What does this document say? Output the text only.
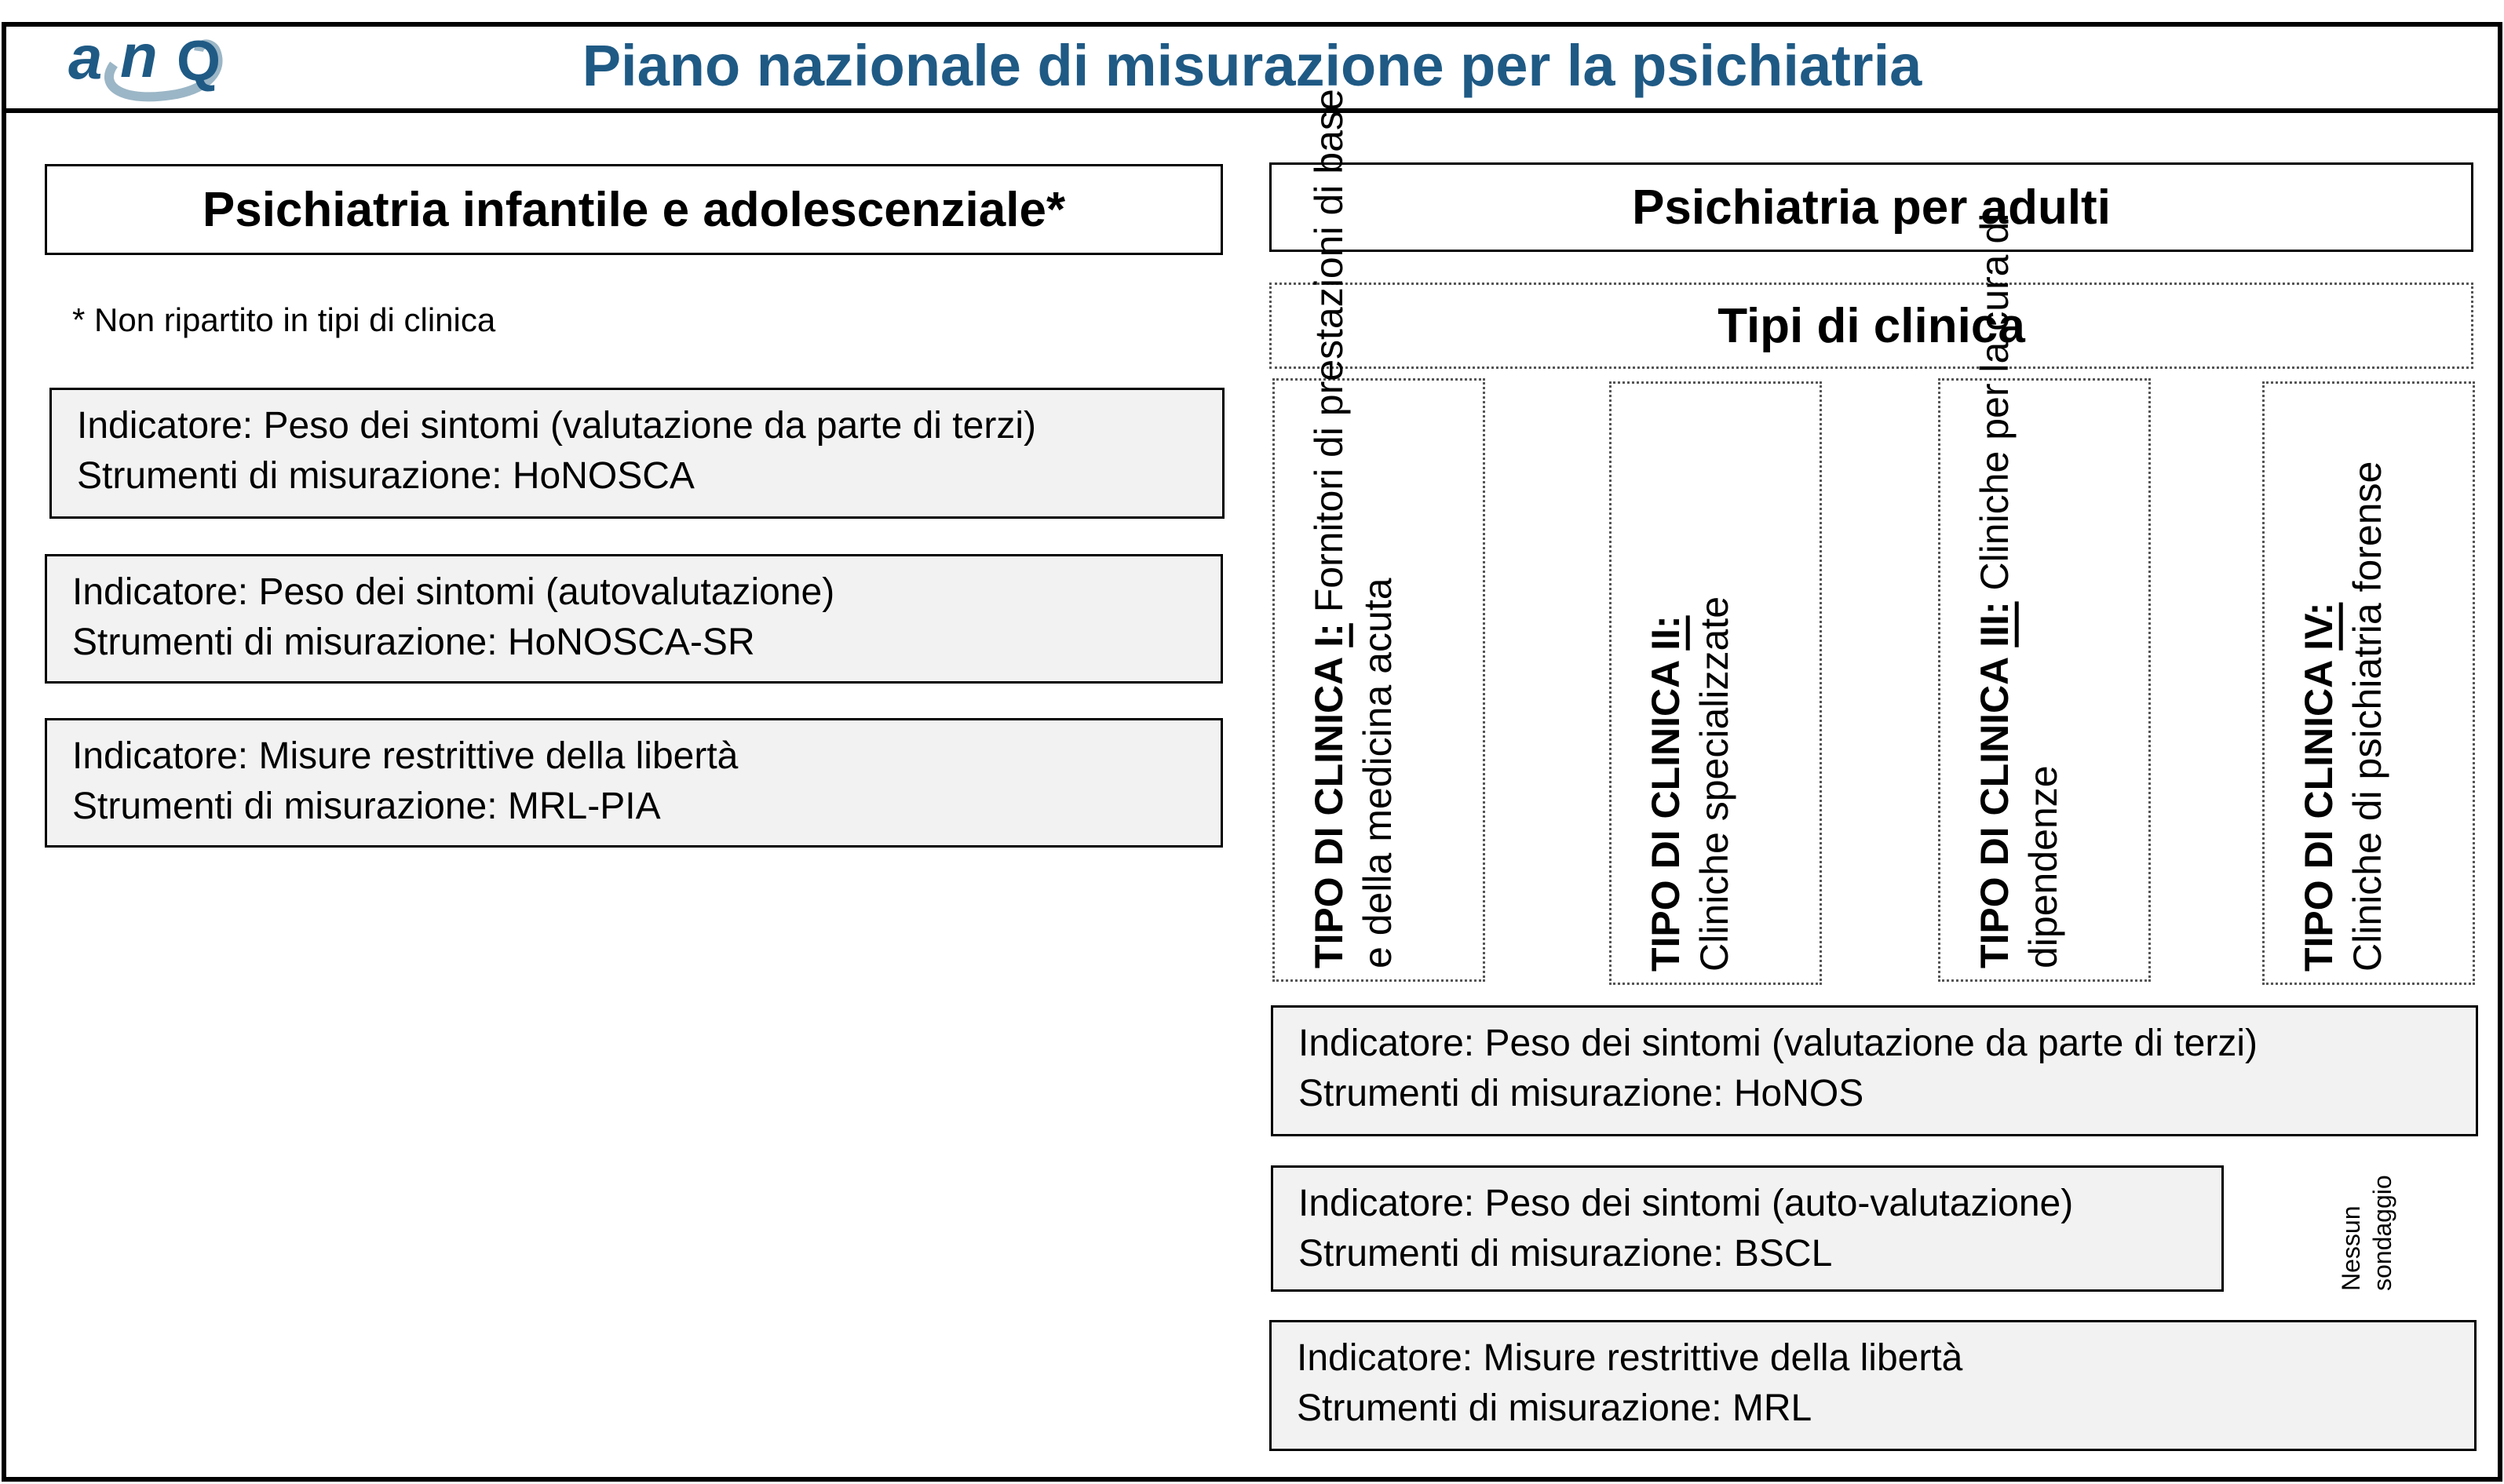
a n Q	Piano nazionale di misurazione per la psichiatria
Psichiatria infantile e adolescenziale*
* Non ripartito in tipi di clinica
Indicatore: Peso dei sintomi (valutazione da parte di terzi)
Strumenti di misurazione: HoNOSCA
Indicatore: Peso dei sintomi (autovalutazione)
Strumenti di misurazione: HoNOSCA-SR
Indicatore: Misure restrittive della libertà
Strumenti di misurazione: MRL-PIA
Psichiatria per adulti
Tipi di clinica
TIPO DI CLINICA I: Fornitori di prestazioni di base
e della medicina acuta	TIPO DI CLINICA II:
Cliniche specializzate	TIPO DI CLINICA III: Cliniche per la cura di
dipendenze	TIPO DI CLINICA IV:
Cliniche di psichiatria forense
Indicatore: Peso dei sintomi (valutazione da parte di terzi)
Strumenti di misurazione: HoNOS
Indicatore: Peso dei sintomi (auto-valutazione)
Strumenti di misurazione: BSCL	Nessun sondaggio
Indicatore: Misure restrittive della libertà
Strumenti di misurazione: MRL
